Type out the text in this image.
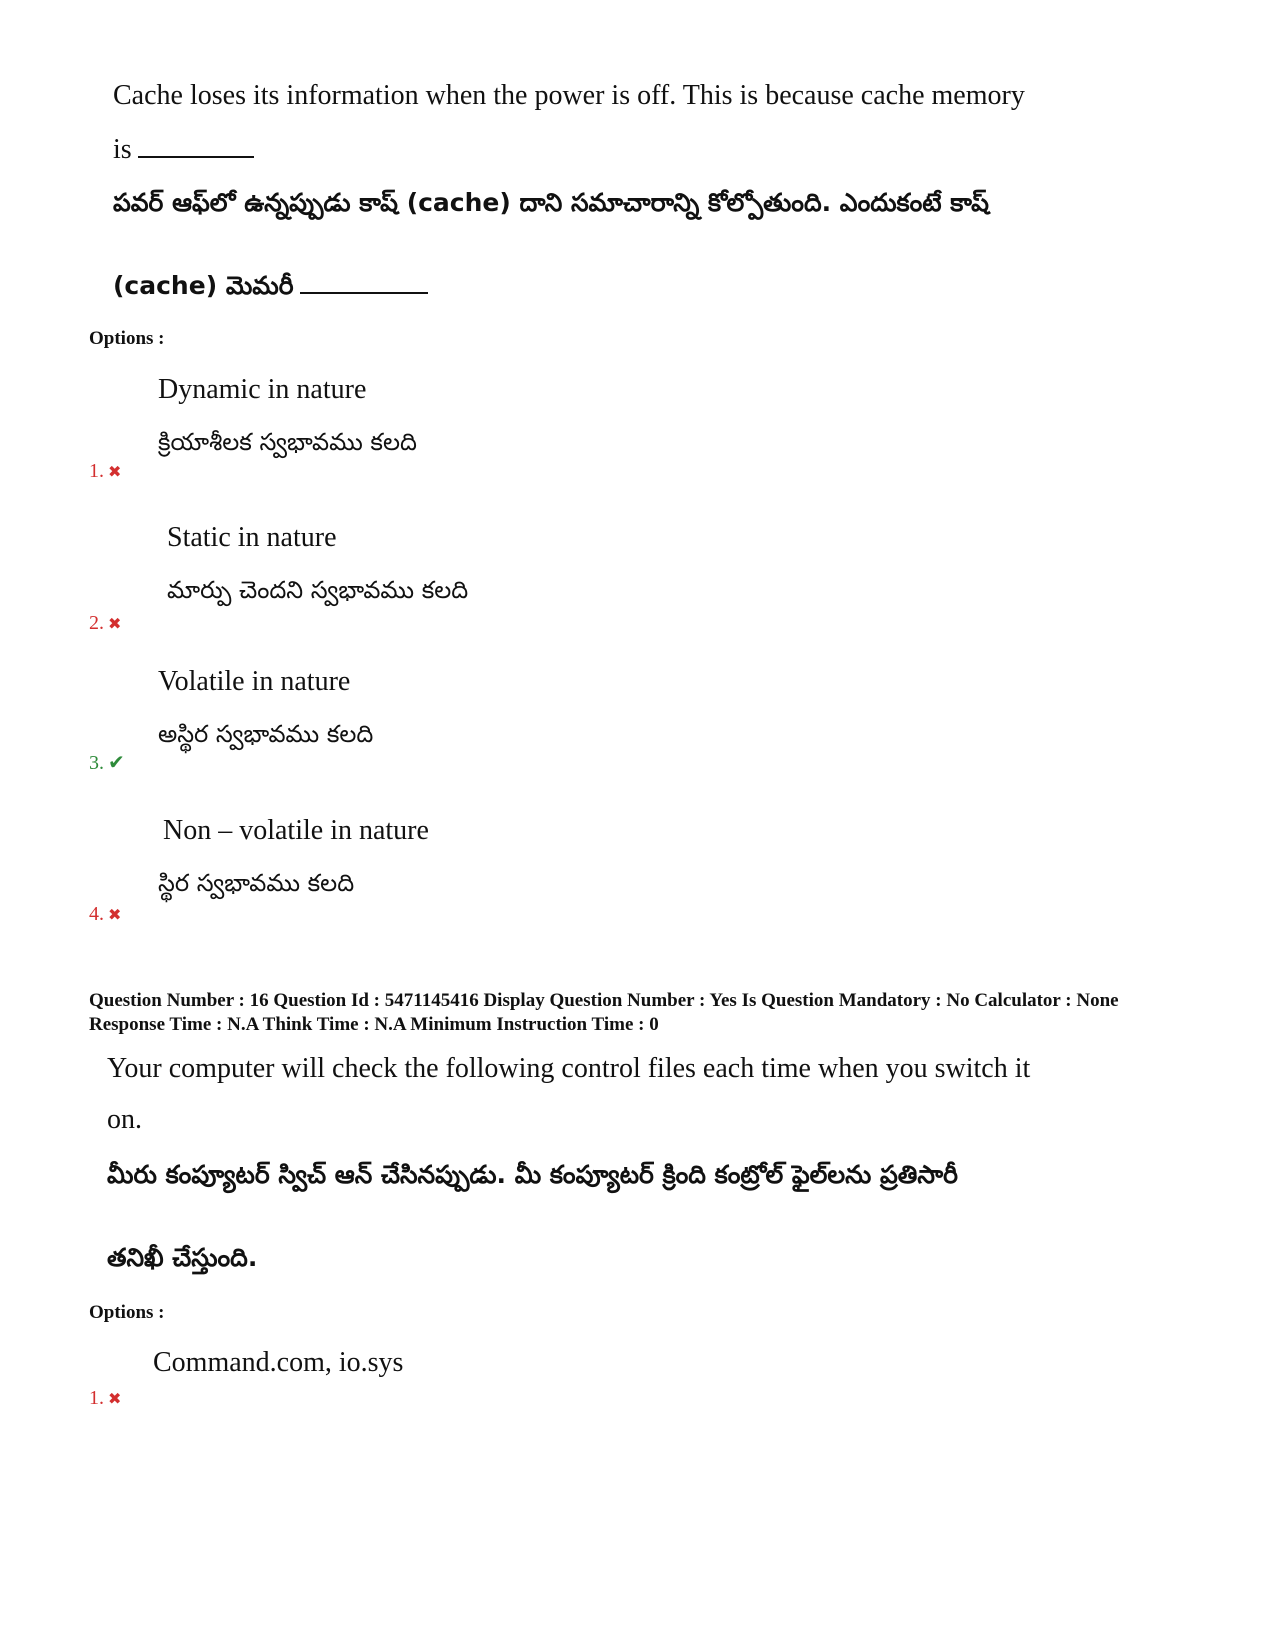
Cache loses its information when the power is off. This is because cache memory
is
పవర్ ఆఫ్‌లో ఉన్నప్పుడు కాష్ (cache) దాని సమాచారాన్ని కోల్పోతుంది. ఎందుకంటే కాష్
(cache) మెమరీ
Options :
Dynamic in nature
క్రియాశీలక స్వభావము కలది
1. ✖
Static in nature
మార్పు చెందని స్వభావము కలది
2. ✖
Volatile in nature
అస్థిర స్వభావము కలది
3. ✔
Non – volatile in nature
స్థిర స్వభావము కలది
4. ✖
Question Number : 16 Question Id : 5471145416 Display Question Number : Yes Is Question Mandatory : No Calculator : None Response Time : N.A Think Time : N.A Minimum Instruction Time : 0
Your computer will check the following control files each time when you switch it
on.
మీరు కంప్యూటర్ స్విచ్ ఆన్ చేసినప్పుడు. మీ కంప్యూటర్ క్రింది కంట్రోల్ ఫైల్‌లను ప్రతిసారీ
తనిఖీ చేస్తుంది.
Options :
Command.com, io.sys
1. ✖
